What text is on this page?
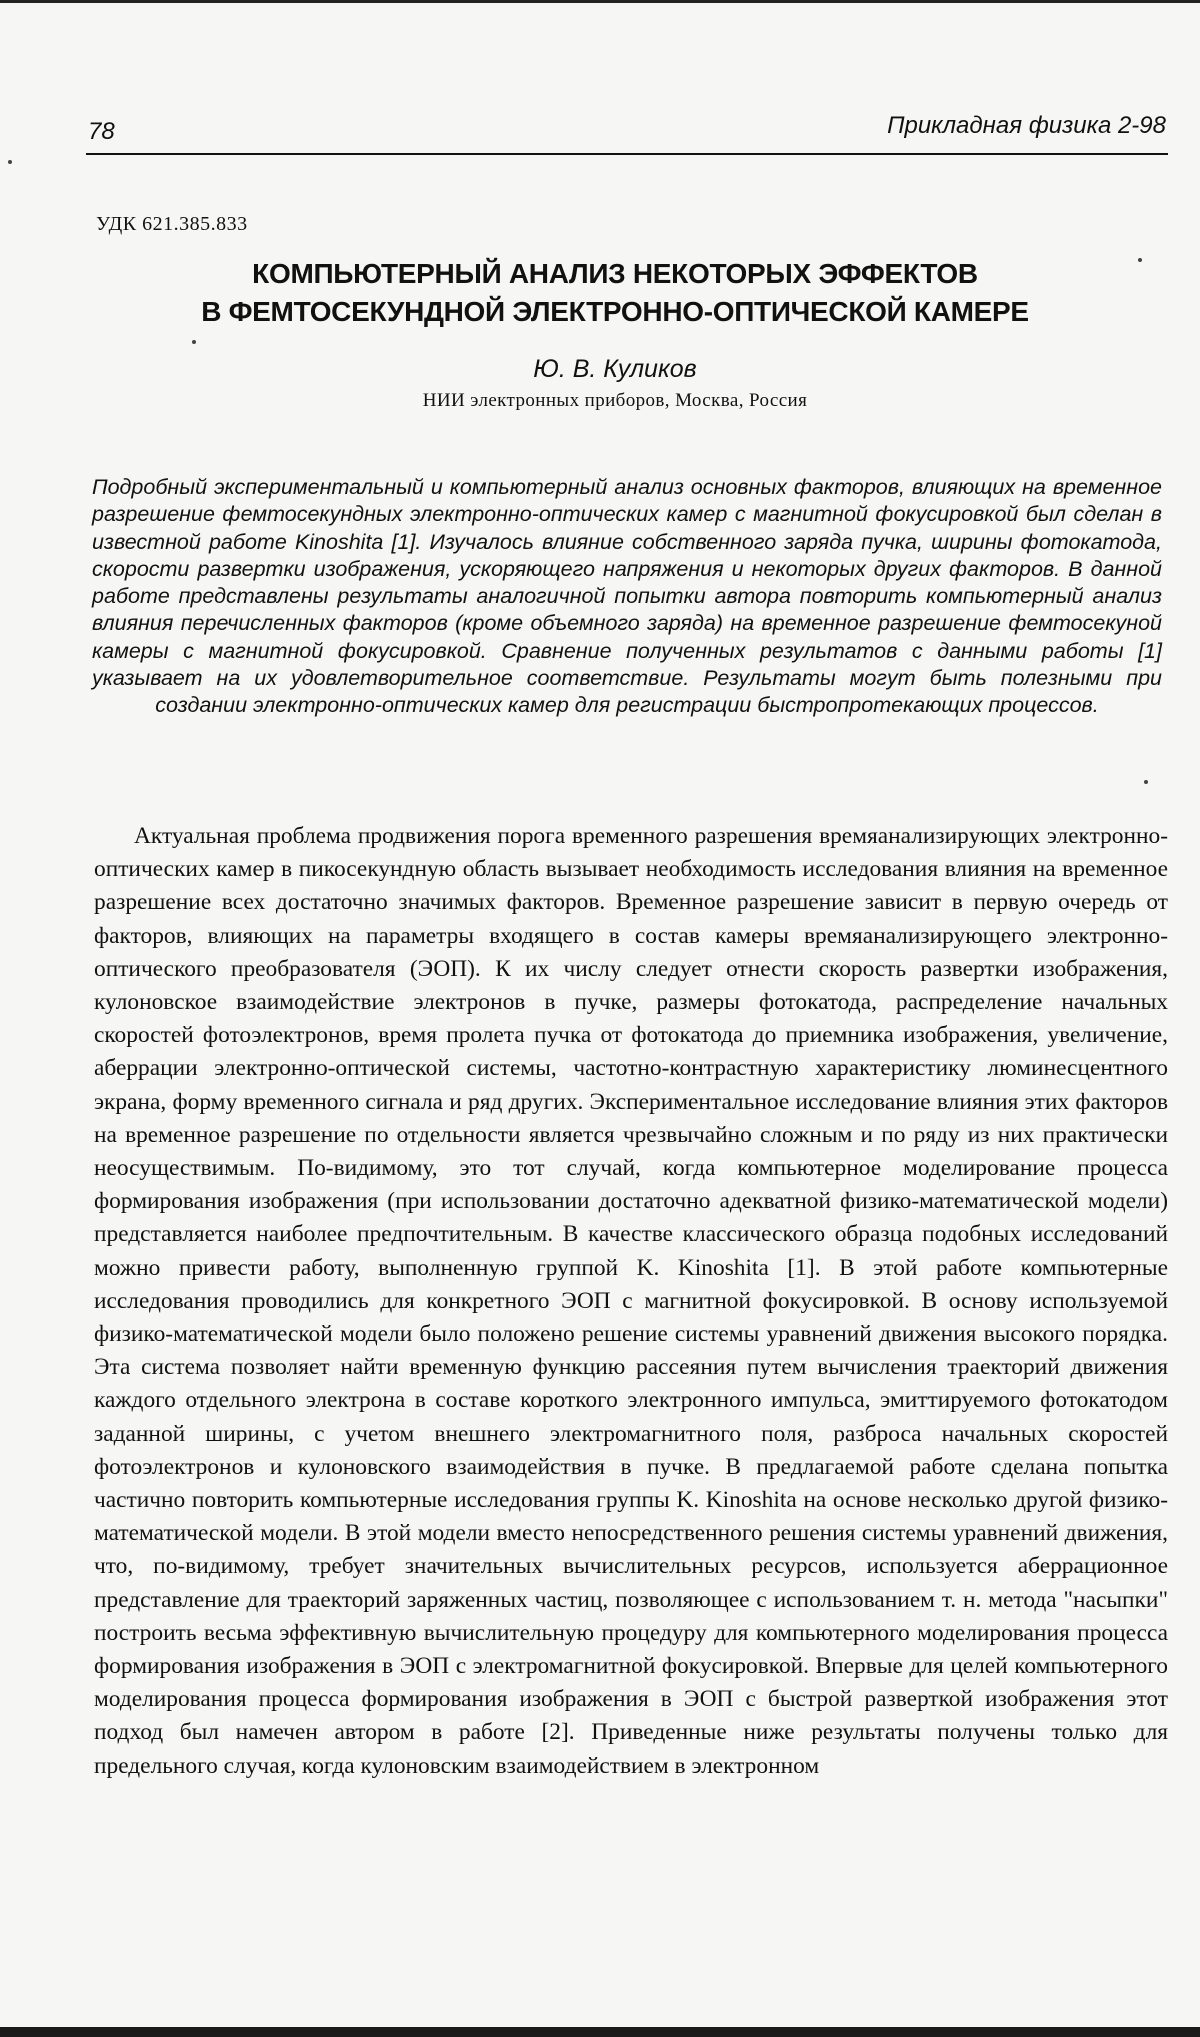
78	Прикладная физика 2-98
УДК 621.385.833
КОМПЬЮТЕРНЫЙ АНАЛИЗ НЕКОТОРЫХ ЭФФЕКТОВ
В ФЕМТОСЕКУНДНОЙ ЭЛЕКТРОННО-ОПТИЧЕСКОЙ КАМЕРЕ
Ю. В. Куликов
НИИ электронных приборов, Москва, Россия
Подробный экспериментальный и компьютерный анализ основных факторов, влияющих на временное разрешение фемтосекундных электронно-оптических камер с магнитной фокусировкой был сделан в известной работе Kinoshita [1]. Изучалось влияние собственного заряда пучка, ширины фотокатода, скорости развертки изображения, ускоряющего напряжения и некоторых других факторов. В данной работе представлены результаты аналогичной попытки автора повторить компьютерный анализ влияния перечисленных факторов (кроме объемного заряда) на временное разрешение фемтосекуной камеры с магнитной фокусировкой. Сравнение полученных результатов с данными работы [1] указывает на их удовлетворительное соответствие. Результаты могут быть полезными при создании электронно-оптических камер для регистрации быстропротекающих процессов.

Актуальная проблема продвижения порога временного разрешения времяанализирующих электронно-оптических камер в пикосекундную область вызывает необходимость исследования влияния на временное разрешение всех достаточно значимых факторов. Временное разрешение зависит в первую очередь от факторов, влияющих на параметры входящего в состав камеры времяанализирующего электронно-оптического преобразователя (ЭОП). К их числу следует отнести скорость развертки изображения, кулоновское взаимодействие электронов в пучке, размеры фотокатода, распределение начальных скоростей фотоэлектронов, время пролета пучка от фотокатода до приемника изображения, увеличение, аберрации электронно-оптической системы, частотно-контрастную характеристику люминесцентного экрана, форму временного сигнала и ряд других. Экспериментальное исследование влияния этих факторов на временное разрешение по отдельности является чрезвычайно сложным и по ряду из них практически неосуществимым. По-видимому, это тот случай, когда компьютерное моделирование процесса формирования изображения (при использовании достаточно адекватной физико-математической модели) представляется наиболее предпочтительным. В качестве классического образца подобных исследований можно привести работу, выполненную группой K. Kinoshita [1]. В этой работе компьютерные исследования проводились для конкретного ЭОП с магнитной фокусировкой. В основу используемой физико-математической модели было положено решение системы уравнений движения высокого порядка. Эта система позволяет найти временную функцию рассеяния путем вычисления траекторий движения каждого отдельного электрона в составе короткого электронного импульса, эмиттируемого фотокатодом заданной ширины, с учетом внешнего электромагнитного поля, разброса начальных скоростей фотоэлектронов и кулоновского взаимодействия в пучке. В предлагаемой работе сделана попытка частично повторить компьютерные исследования группы K. Kinoshita на основе несколько другой физико-математической модели. В этой модели вместо непосредственного решения системы уравнений движения, что, по-видимому, требует значительных вычислительных ресурсов, используется аберрационное представление для траекторий заряженных частиц, позволяющее с использованием т. н. метода "насыпки" построить весьма эффективную вычислительную процедуру для компьютерного моделирования процесса формирования изображения в ЭОП с электромагнитной фокусировкой. Впервые для целей компьютерного моделирования процесса формирования изображения в ЭОП с быстрой разверткой изображения этот подход был намечен автором в работе [2]. Приведенные ниже результаты получены только для предельного случая, когда кулоновским взаимодействием в электронном
